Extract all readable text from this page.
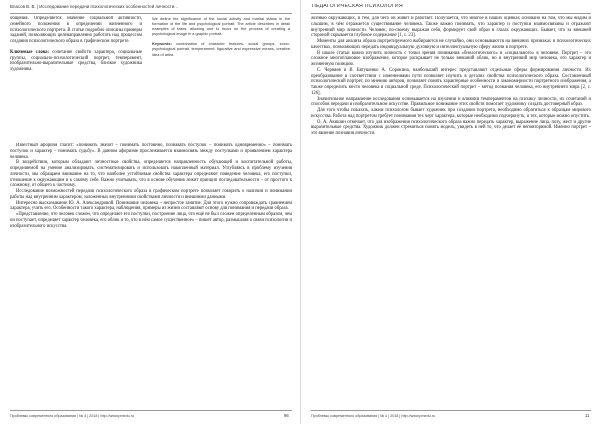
Власов В. В. | Исследование передачи психологических особенностей личности...

общения. Определяется значение социальной активности, семейного положения в определении жизненного и психологического портрета. В статье подробно описаны примеры заданий, позволяющих целенаправленно работать над процессом создания психологического образа в графическом портрете.

Ключевые слова: сочетание свойств характера, социальные группы, социально-психологический портрет, темперамент, изобразительно-выразительные средства, близкое художника художника.

We define the significance of the social activity and marital status in the formation of the life and psychological portrait. The article describes in detail examples of tasks, allowing one to focus on the process of creating a psychological image in a graphic portrait.

Keywords: combination of character features, social groups, socio-psychological portrait, temperament, figurative and expressive means, creative idea of artist.

Известный афоризм гласит: «понимать значит – понимать постоянно, познавать поступок – понимать одновременно» – понимать поступок и характер – понимать судьбу». В данном афоризме прослеживается взаимосвязь между поступками и проявлением характера человека.

В воздействии, которым обладают личностные свойства, определяется направленность обучающей и воспитательной работы, определяемой на умение анализировать, систематизировать и использовать накопленный материал. Углубляясь в проблему изучения личности, мы обращаем внимание на то, что наиболее устойчивые свойства характера определяют поведение человека, его поступки, отношение к окружающим и к самому себе. Важно учитывать, что в основе обучения лежит принцип последовательности – от простого к сложному, от общего к частному.

Исследование возможностей передачи психологического образа в графическом портрете позволяет говорить о наличии и понимании работы над внутренним характером, заложенных внутренними свойствами личности и внешними данными.

Интересно высказывание Ю. А. Александровой. Понимание человека – непростое занятие. Для этого нужно сопровождать сравнением характера, учить его. Особенности такого характера, наблюдения, примеры из жизни составляют основу для понимания и передачи образа.

«Представление, что человек сложен, что определяет его поступки, построение лица, что ещё не был сложен определенным образом, чем он поступает, определяет характер человека, его облик и то, что в нём самое существенное» – пишет автор, размышляя о связи психологии и изобразительного искусства.

Проблемы современного образования | № 4 | 2018 | http://www.pmedu.ru	96
ПЕДАГОГИЧЕСКАЯ ПСИХОЛОГИЯ

жизнью окружающих, и тем, для чего он живёт и работает. Получается, что многое в наших оценках основано на том, что мы видим и слышим, в чём отражается существование человека. Также важно понимать, что характер и поступки взаимосвязаны и отражают внутренний мир личности. Человек, по-своему выражая себя, формирует свой образ в глазах окружающих. Бывает, что за внешней стороной скрывается глубокое содержание [1, с. 23].

Моменты для анализа образа портретируемого выбираются не случайно, они основываются на внешних признаках и психологических качествах, позволяющих передать индивидуальную духовную и интеллектуальную сферу жизни в портрете.

В школе статьи важно изучить личность с точки зрения понимания «биологического» и «социального» в человеке. Портрет – это сложное многоплановое изображение, которое раскрывает не только внешний облик, но и внутренний мир человека, его характер и жизненную позицию.

С. Черняев и В. Евтушенко А. Сорокина, наибольший интерес представляют отдельные сферы формирования личности. Их преобразование в соответствии с изменениями пути позволяет изучить в деталях свойства психологического образа. Составленный психологический портрет, по мнению авторов, позволяет понять характерные особенности и закономерности портретного изображения, а также определить место человека в социальной среде. Психологический портрет – метод познания человека, его внутреннего мира [2, с. 126].

Значительное направление исследования основывается на изучении и влиянии темпераментов на психику личности, их сочетаний и способов передачи в изобразительном искусстве. Правильное понимание этих свойств помогает художнику создать достоверный образ.

Для того чтобы показать, каким психологом бывает художник при создании портрета, необходимо обратиться к образцам мирового искусства. Работа над портретом требует понимания тех черт характера, которые необходимо подчеркнуть, и тех, которые можно опустить.

О. А. Акишин отмечает, что для изображения психологического образа важно передать характер, выражение лица, позу, жест и другие выразительные средства. Художник должен стремиться понять модель, увидеть в ней то, что делает её неповторимой. Именно портрет – это явление познания личности.

Проблемы современного образования | № 4 | 2018 | http://www.pmedu.ru	11
